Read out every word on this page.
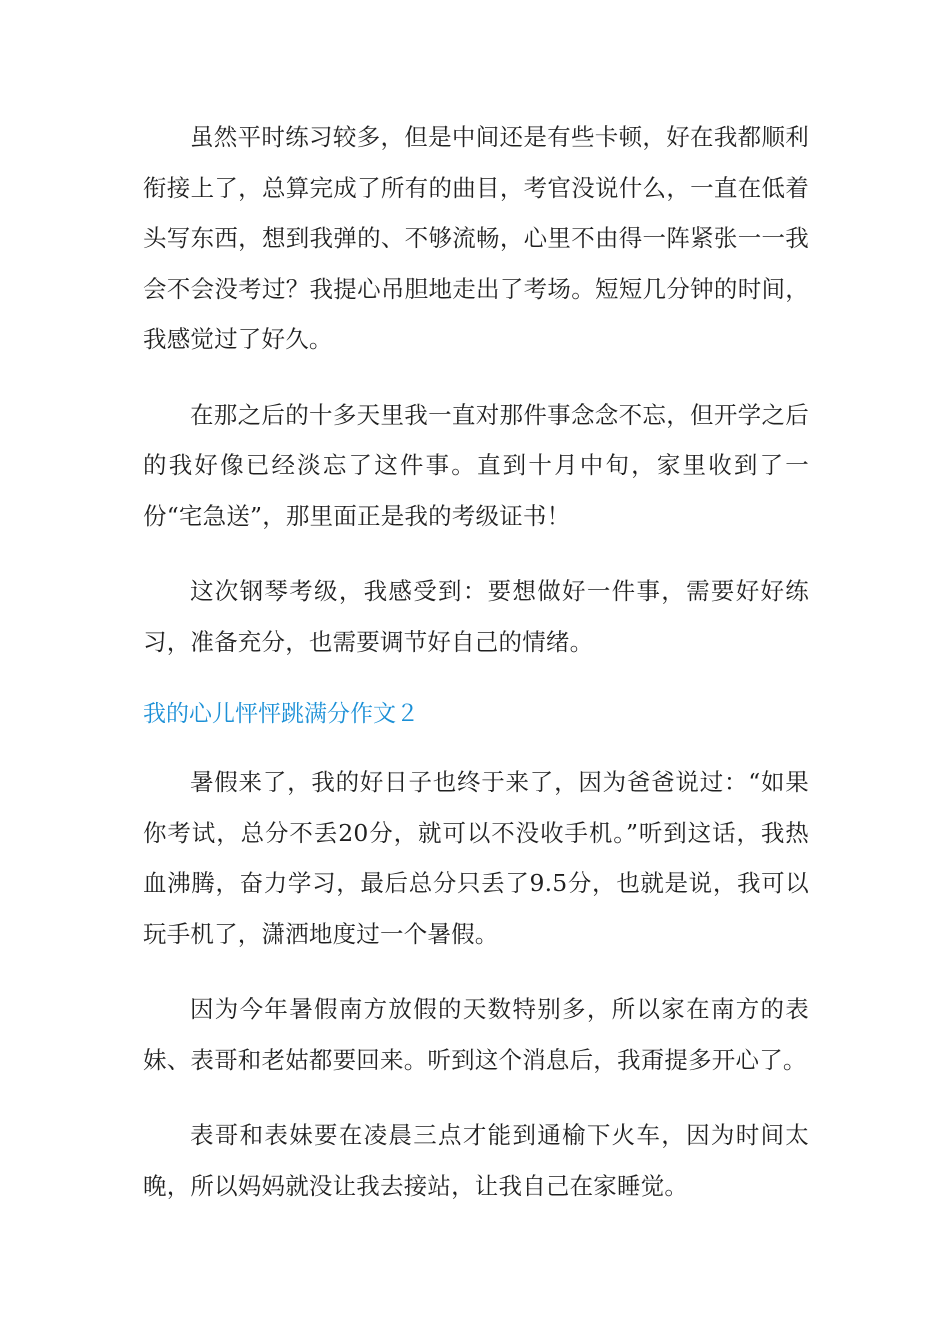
虽然平时练习较多，但是中间还是有些卡顿，好在我都顺利衔接上了，总算完成了所有的曲目，考官没说什么，一直在低着头写东西，想到我弹的、不够流畅，心里不由得一阵紧张一一我会不会没考过？我提心吊胆地走出了考场。短短几分钟的时间，我感觉过了好久。

在那之后的十多天里我一直对那件事念念不忘，但开学之后的我好像已经淡忘了这件事。直到十月中旬，家里收到了一份“宅急送”，那里面正是我的考级证书！

这次钢琴考级，我感受到：要想做好一件事，需要好好练习，准备充分，也需要调节好自己的情绪。

我的心儿怦怦跳满分作文２

暑假来了，我的好日子也终于来了，因为爸爸说过：“如果你考试，总分不丢20分，就可以不没收手机。”听到这话，我热血沸腾，奋力学习，最后总分只丢了9.5分，也就是说，我可以玩手机了，潇洒地度过一个暑假。

因为今年暑假南方放假的天数特别多，所以家在南方的表妹、表哥和老姑都要回来。听到这个消息后，我甭提多开心了。

表哥和表妹要在凌晨三点才能到通榆下火车，因为时间太晚，所以妈妈就没让我去接站，让我自己在家睡觉。
